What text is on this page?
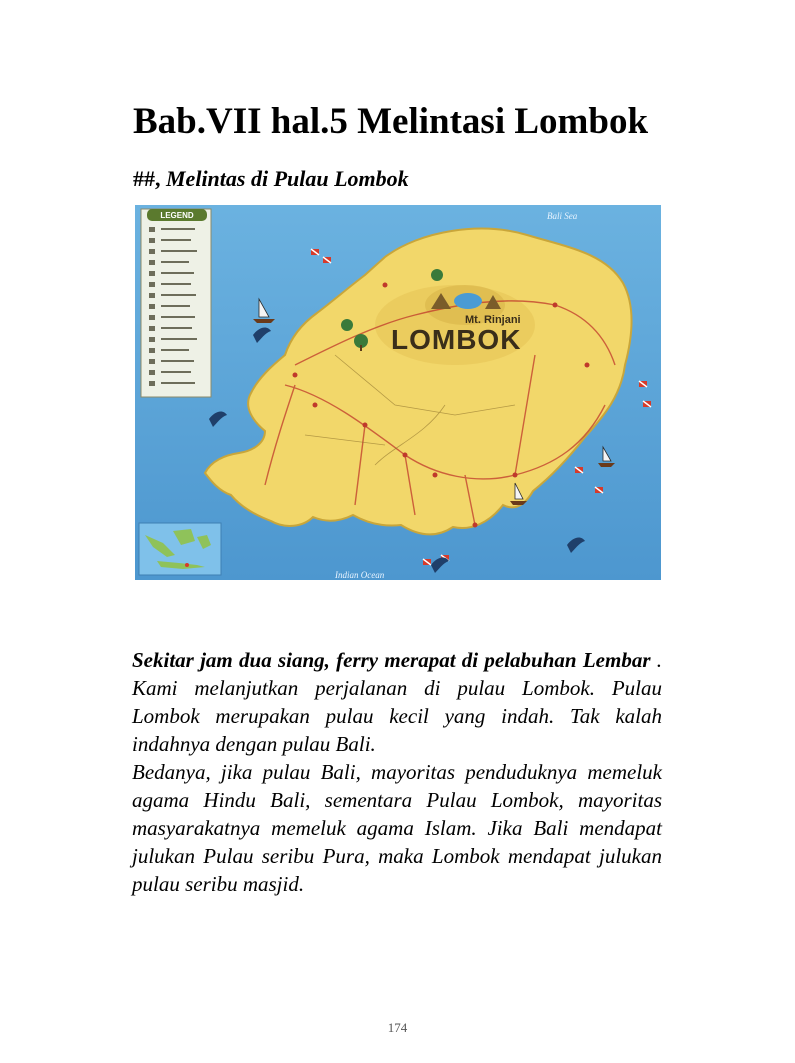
Bab.VII hal.5 Melintasi Lombok
##, Melintas di Pulau Lombok
LEGEND
LOMBOK
Mt. Rinjani
Bali Sea
Indian Ocean

Sekitar jam dua siang, ferry merapat di pelabuhan Lembar . Kami melanjutkan perjalanan di pulau Lombok. Pulau Lombok merupakan pulau kecil yang indah. Tak kalah indahnya dengan pulau Bali.

Bedanya, jika pulau Bali, mayoritas penduduknya memeluk agama Hindu Bali, sementara Pulau Lombok, mayoritas masyarakatnya memeluk agama Islam. Jika Bali mendapat julukan Pulau seribu Pura, maka Lombok mendapat julukan pulau seribu masjid.

174
